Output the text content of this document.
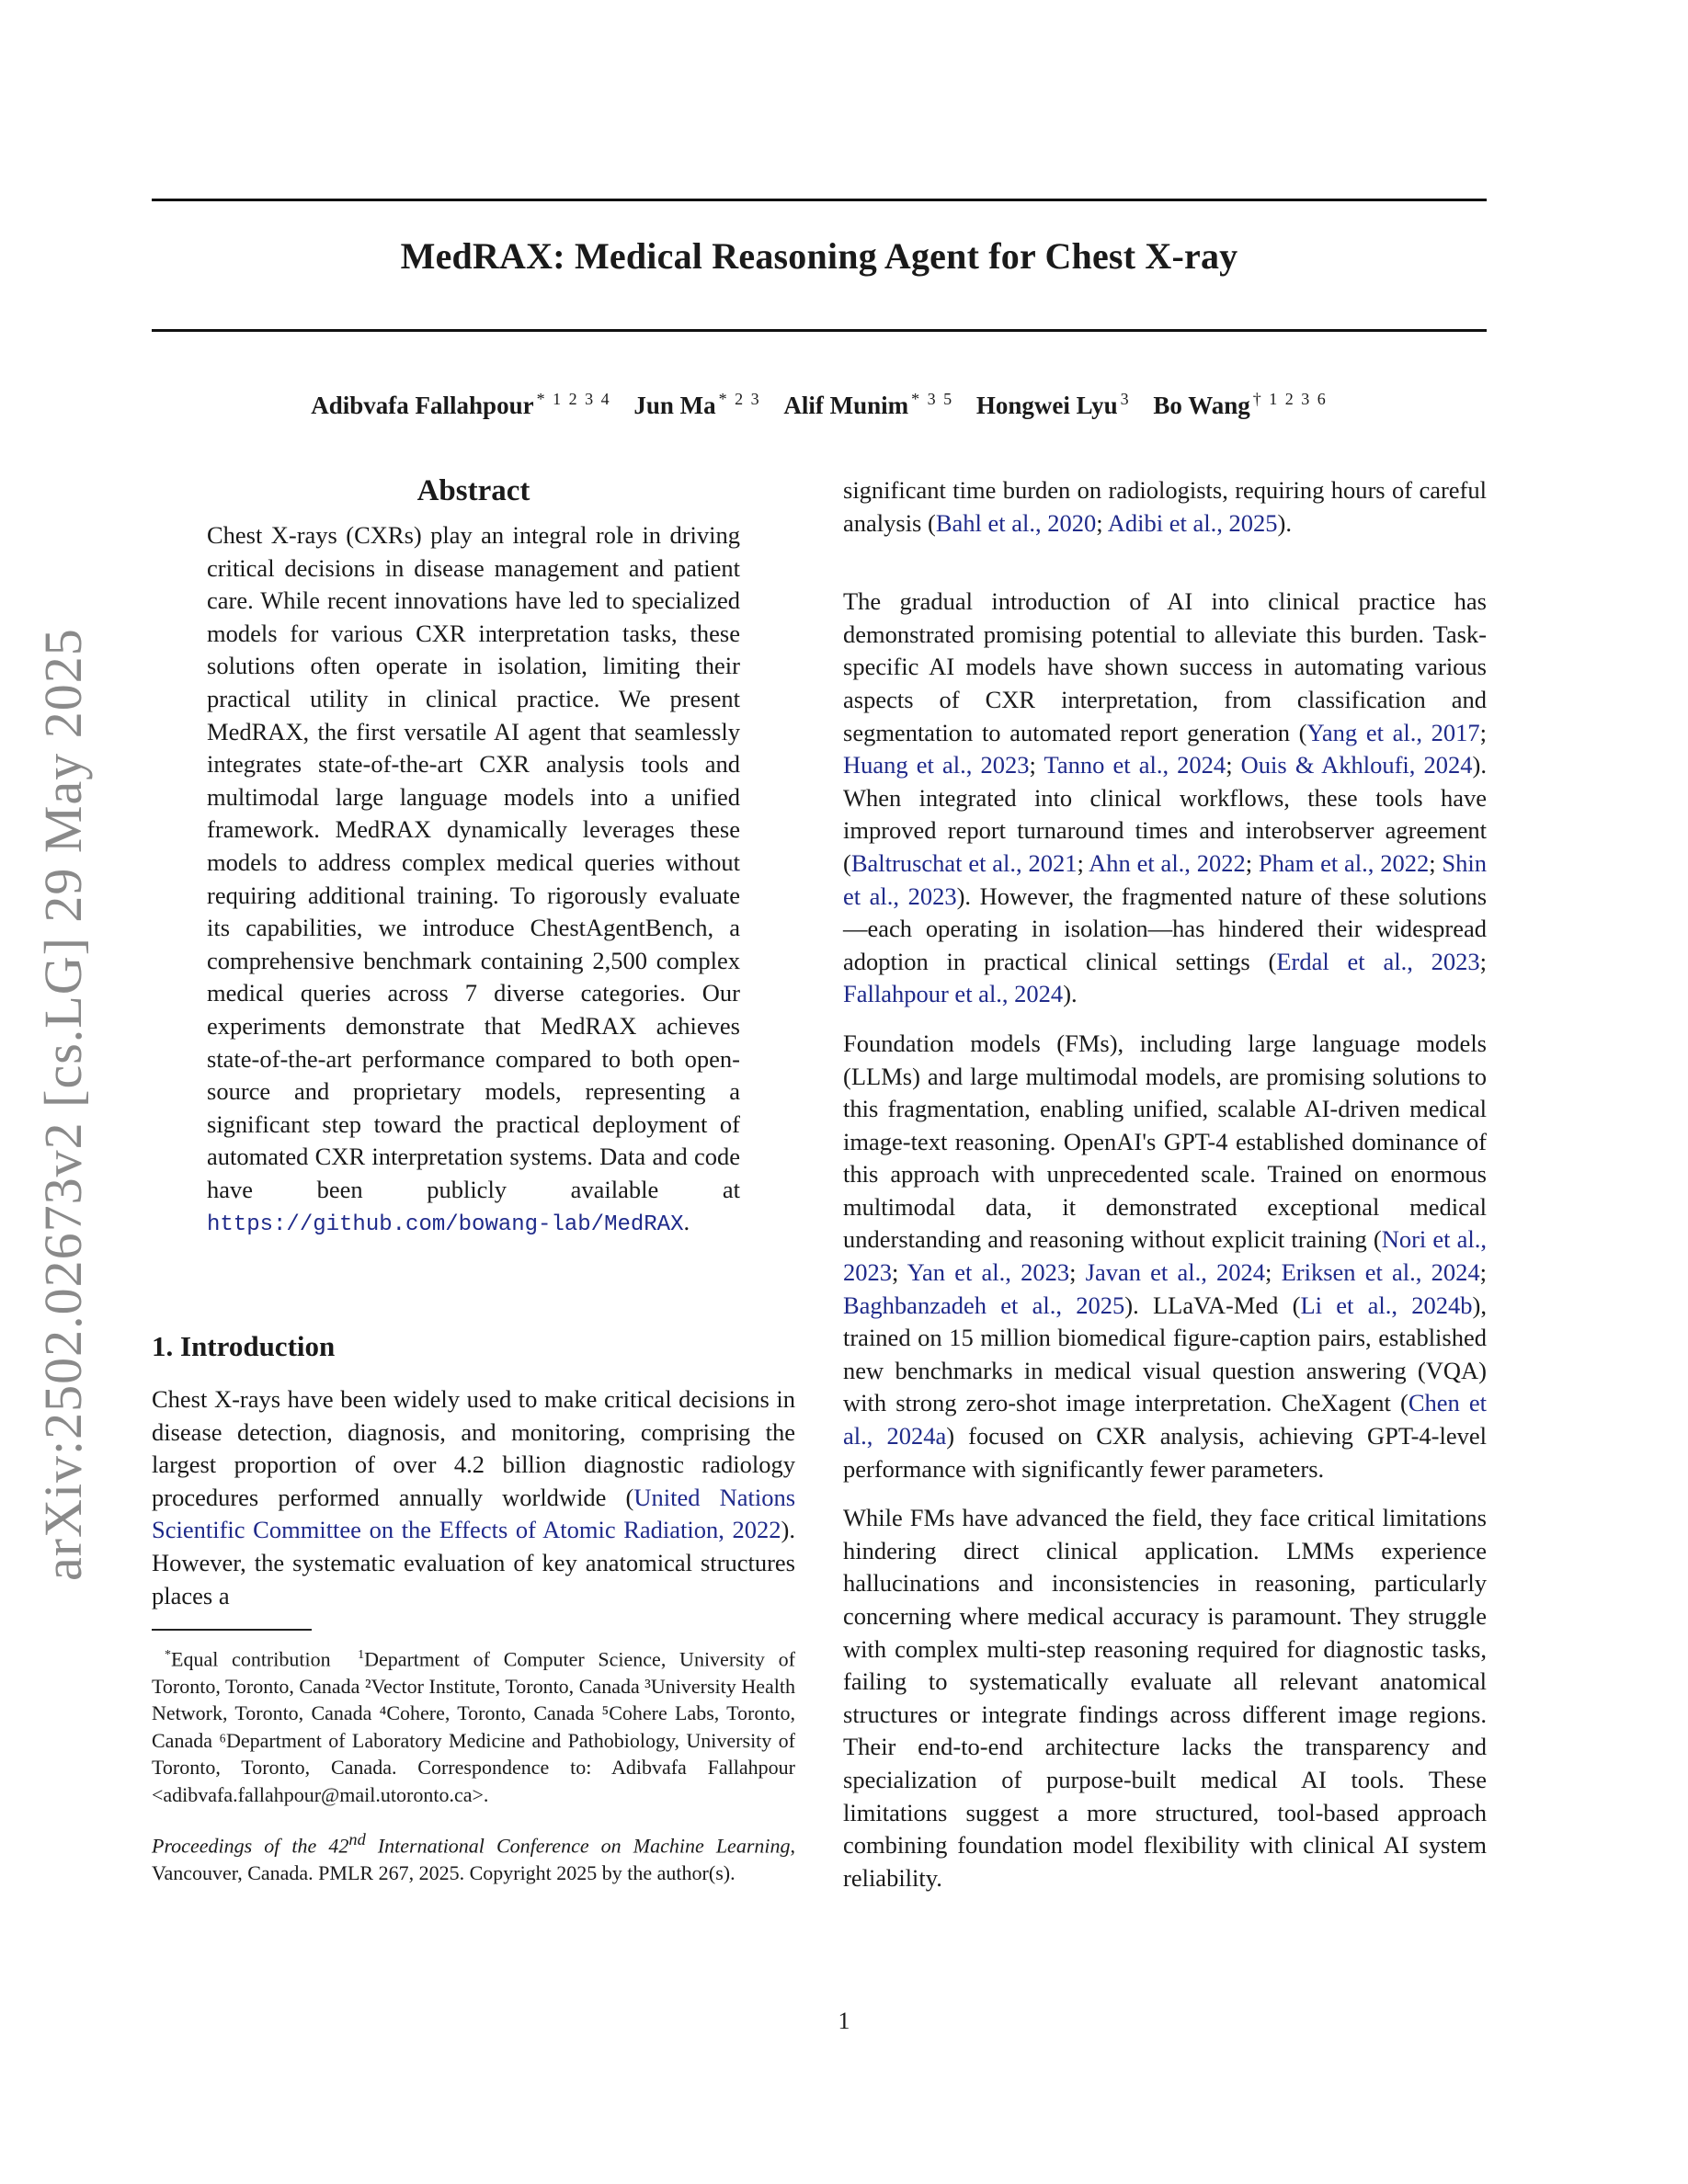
arXiv:2502.02673v2 [cs.LG] 29 May 2025
MedRAX: Medical Reasoning Agent for Chest X-ray
Adibvafa Fallahpour $^{* 1 2 3 4}$ Jun Ma $^{* 2 3}$ Alif Munim $^{* 3 5}$ Hongwei Lyu $^3$ Bo Wang $^{\dagger 1 2 3 6}$
Abstract
Chest X-rays (CXRs) play an integral role in driving critical decisions in disease management and patient care. While recent innovations have led to specialized models for various CXR interpretation tasks, these solutions often operate in isolation, limiting their practical utility in clinical practice. We present MedRAX, the first versatile AI agent that seamlessly integrates state-of-the-art CXR analysis tools and multimodal large language models into a unified framework. MedRAX dynamically leverages these models to address complex medical queries without requiring additional training. To rigorously evaluate its capabilities, we introduce ChestAgentBench, a comprehensive benchmark containing 2,500 complex medical queries across 7 diverse categories. Our experiments demonstrate that MedRAX achieves state-of-the-art performance compared to both open-source and proprietary models, representing a significant step toward the practical deployment of automated CXR interpretation systems. Data and code have been publicly available at https://github.com/bowang-lab/MedRAX.
1. Introduction

Chest X-rays have been widely used to make critical decisions in disease detection, diagnosis, and monitoring, comprising the largest proportion of over 4.2 billion diagnostic radiology procedures performed annually worldwide (United Nations Scientific Committee on the Effects of Atomic Radiation, 2022). However, the systematic evaluation of key anatomical structures places a

*Equal contribution $^1$Department of Computer Science, University of Toronto, Toronto, Canada ²Vector Institute, Toronto, Canada ³University Health Network, Toronto, Canada ⁴Cohere, Toronto, Canada ⁵Cohere Labs, Toronto, Canada ⁶Department of Laboratory Medicine and Pathobiology, University of Toronto, Toronto, Canada. Correspondence to: Adibvafa Fallahpour <adibvafa.fallahpour@mail.utoronto.ca>.
Proceedings of the 42nd International Conference on Machine Learning, Vancouver, Canada. PMLR 267, 2025. Copyright 2025 by the author(s).

significant time burden on radiologists, requiring hours of careful analysis (Bahl et al., 2020; Adibi et al., 2025).

The gradual introduction of AI into clinical practice has demonstrated promising potential to alleviate this burden. Task-specific AI models have shown success in automating various aspects of CXR interpretation, from classification and segmentation to automated report generation (Yang et al., 2017; Huang et al., 2023; Tanno et al., 2024; Ouis & Akhloufi, 2024). When integrated into clinical workflows, these tools have improved report turnaround times and interobserver agreement (Baltruschat et al., 2021; Ahn et al., 2022; Pham et al., 2022; Shin et al., 2023). However, the fragmented nature of these solutions—each operating in isolation—has hindered their widespread adoption in practical clinical settings (Erdal et al., 2023; Fallahpour et al., 2024).

Foundation models (FMs), including large language models (LLMs) and large multimodal models, are promising solutions to this fragmentation, enabling unified, scalable AI-driven medical image-text reasoning. OpenAI's GPT-4 established dominance of this approach with unprecedented scale. Trained on enormous multimodal data, it demonstrated exceptional medical understanding and reasoning without explicit training (Nori et al., 2023; Yan et al., 2023; Javan et al., 2024; Eriksen et al., 2024; Baghbanzadeh et al., 2025). LLaVA-Med (Li et al., 2024b), trained on 15 million biomedical figure-caption pairs, established new benchmarks in medical visual question answering (VQA) with strong zero-shot image interpretation. CheXagent (Chen et al., 2024a) focused on CXR analysis, achieving GPT-4-level performance with significantly fewer parameters.

While FMs have advanced the field, they face critical limitations hindering direct clinical application. LMMs experience hallucinations and inconsistencies in reasoning, particularly concerning where medical accuracy is paramount. They struggle with complex multi-step reasoning required for diagnostic tasks, failing to systematically evaluate all relevant anatomical structures or integrate findings across different image regions. Their end-to-end architecture lacks the transparency and specialization of purpose-built medical AI tools. These limitations suggest a more structured, tool-based approach combining foundation model flexibility with clinical AI system reliability.

1
